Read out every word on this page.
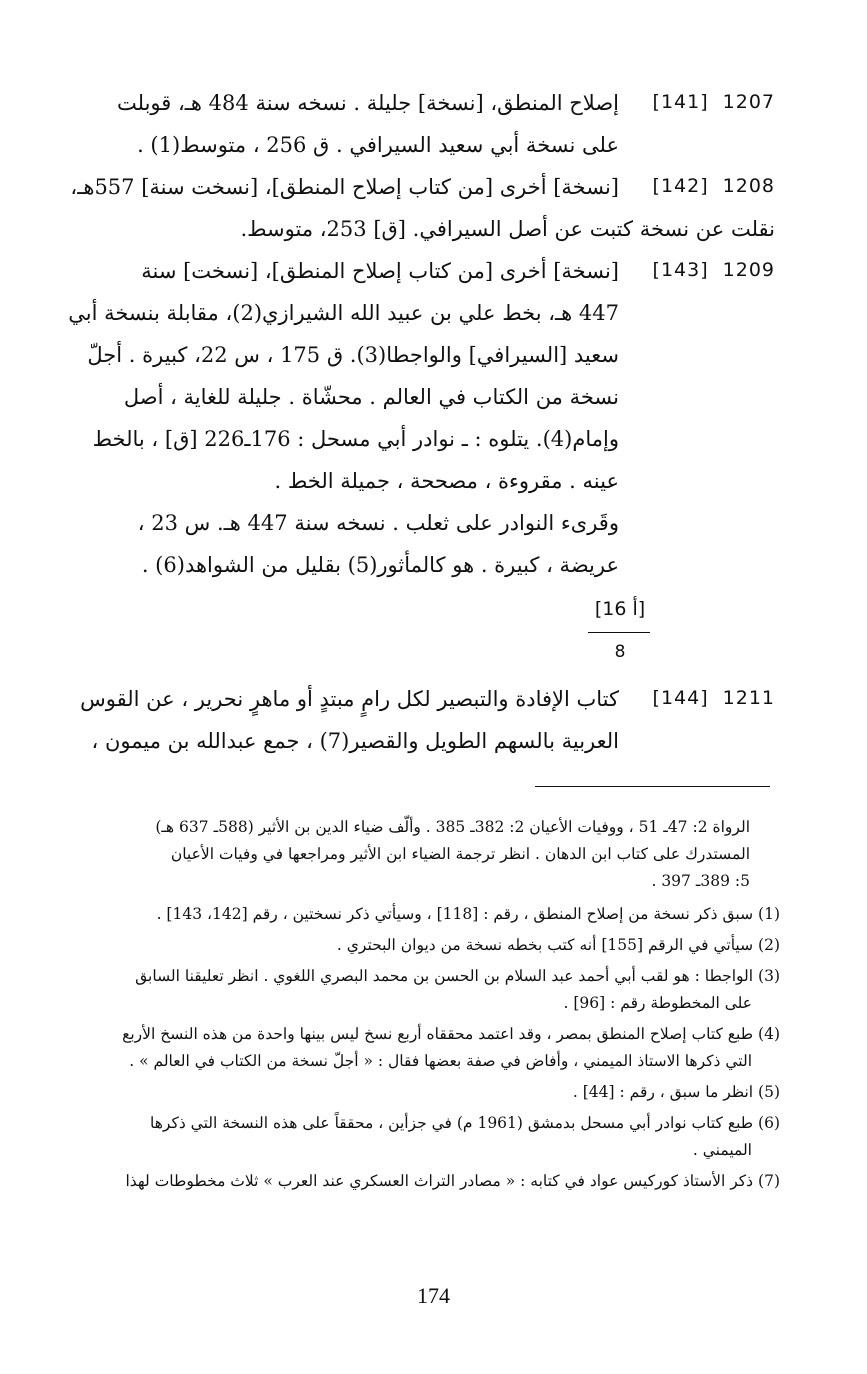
[141] 1207

إصلاح المنطق، [نسخة] جليلة . نسخه سنة 484 هـ، قوبلت
على نسخة أبي سعيد السيرافي . ق 256 ، متوسط(1) .

[142] 1208

[نسخة] أخرى [من كتاب إصلاح المنطق]، [نسخت سنة] 557هـ،
نقلت عن نسخة كتبت عن أصل السيرافي. [ق] 253، متوسط.

[143] 1209

[نسخة] أخرى [من كتاب إصلاح المنطق]، [نسخت] سنة
447 هـ، بخط علي بن عبيد الله الشيرازي(2)، مقابلة بنسخة أبي
سعيد [السيرافي] والواجطا(3). ق 175 ، س 22، كبيرة . أجلّ
نسخة من الكتاب في العالم . محشّاة . جليلة للغاية ، أصل
وإمام(4). يتلوه : ـ نوادر أبي مسحل : 176ـ226 [ق] ، بالخط
عينه . مقروءة ، مصححة ، جميلة الخط .
وقَرىء النوادر على ثعلب . نسخه سنة 447 هـ. س 23 ،
عريضة ، كبيرة . هو كالمأثور(5) بقليل من الشواهد(6) .

[16 أ]
8
[144] 1211

كتاب الإفادة والتبصير لكل رامٍ مبتدٍ أو ماهرٍ نحرير ، عن القوس
العربية بالسهم الطويل والقصير(7) ، جمع عبدالله بن ميمون ،

الرواة 2: 47ـ 51 ، ووفيات الأعيان 2: 382ـ 385 . وألّف ضياء الدين بن الأثير (588ـ 637 هـ)
المستدرك على كتاب ابن الدهان . انظر ترجمة الضياء ابن الأثير ومراجعها في وفيات الأعيان
5: 389ـ 397 .

(1) سبق ذكر نسخة من إصلاح المنطق ، رقم : [118] ، وسيأتي ذكر نسختين ، رقم [142، 143] .

(2) سيأتي في الرقم [155] أنه كتب بخطه نسخة من ديوان البحتري .

(3) الواجطا : هو لقب أبي أحمد عبد السلام بن الحسن بن محمد البصري اللغوي . انظر تعليقنا السابق
على المخطوطة رقم : [96] .

(4) طبع كتاب إصلاح المنطق بمصر ، وقد اعتمد محققاه أربع نسخ ليس بينها واحدة من هذه النسخ الأربع
التي ذكرها الاستاذ الميمني ، وأفاض في صفة بعضها فقال : « أجلّ نسخة من الكتاب في العالم » .

(5) انظر ما سبق ، رقم : [44] .

(6) طبع كتاب نوادر أبي مسحل بدمشق (1961 م) في جزأين ، محققاً على هذه النسخة التي ذكرها
الميمني .

(7) ذكر الأستاذ كوركيس عواد في كتابه : « مصادر التراث العسكري عند العرب » ثلاث مخطوطات لهذا

174
